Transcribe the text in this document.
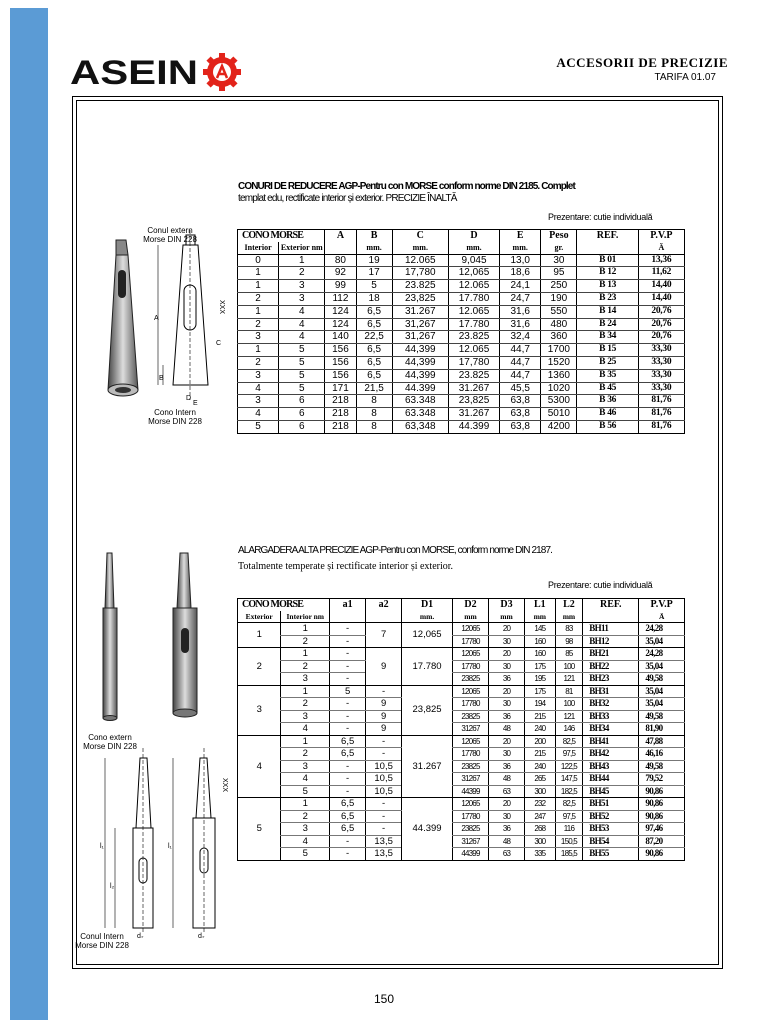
ASEIN	ACCESORII DE PRECIZIE
TARIFA 01.07
CONURI DE REDUCERE AGP-Pentru con MORSE conform norme DIN 2185. Complet
templat edu, rectificate interior și exterior. PRECIZIE ÎNALTĂ
Prezentare: cutie individuală
A
B
C
D
E
XXX
Conul extern
Morse DIN 228
Cono Intern
Morse DIN 228
CONO MORSE		A	B	C	D	E	Peso	REF.	P.V.P
Interior	Exterior nm		mm.	mm.	mm.	mm.	gr.		Ä
0	1	80	19	12.065	9,045	13,0	30	B 01	13,36
1	2	92	17	17,780	12,065	18,6	95	B 12	11,62
1	3	99	5	23.825	12.065	24,1	250	B 13	14,40
2	3	112	18	23,825	17.780	24,7	190	B 23	14,40
1	4	124	6,5	31.267	12.065	31,6	550	B 14	20,76
2	4	124	6,5	31,267	17.780	31,6	480	B 24	20,76
3	4	140	22,5	31,267	23.825	32,4	360	B 34	20,76
1	5	156	6,5	44,399	12.065	44,7	1700	B 15	33,30
2	5	156	6,5	44,399	17,780	44,7	1520	B 25	33,30
3	5	156	6,5	44,399	23.825	44,7	1360	B 35	33,30
4	5	171	21,5	44.399	31.267	45,5	1020	B 45	33,30
3	6	218	8	63.348	23,825	63,8	5300	B 36	81,76
4	6	218	8	63.348	31.267	63,8	5010	B 46	81,76
5	6	218	8	63,348	44.399	63,8	4200	B 56	81,76
ALARGADERA ALTA PRECIZIE AGP-Pentru con MORSE, conform norme DIN 2187.
Totalmente temperate și rectificate interior și exterior.
Prezentare: cutie individuală
l₁
l₂
l₁
XXX
d₂	d₂
Cono extern
Morse DIN 228
Conul Intern
Morse DIN 228
CONO MORSE		a1	a2	D1	D2	D3	L1	L2	REF.	P.V.P
Exterior	Interior nm			mm.	mm	mm	mm	mm		Ä
1	1	-	7	12,065	12065	20	145	83	BH11	24,28
	2	-			17780	30	160	98	BH12	35,04
2	1	-	9	17.780	12065	20	160	85	BH21	24,28
	2	-			17780	30	175	100	BH22	35,04
	3	-			23825	36	195	121	BH23	49,58
3	1	5	-	23,825	12065	20	175	81	BH31	35,04
	2	-	9		17780	30	194	100	BH32	35,04
	3	-	9		23825	36	215	121	BH33	49,58
	4	-	9		31267	48	240	146	BH34	81,90
4	1	6,5	-	31.267	12065	20	200	82,5	BH41	47,88
	2	6,5	-		17780	30	215	97,5	BH42	46,16
	3	-	10,5		23825	36	240	122,5	BH43	49,58
	4	-	10,5		31267	48	265	147,5	BH44	79,52
	5	-	10,5		44399	63	300	182,5	BH45	90,86
5	1	6,5	-	44.399	12065	20	232	82,5	BH51	90,86
	2	6,5	-		17780	30	247	97,5	BH52	90,86
	3	6,5	-		23825	36	268	116	BH53	97,46
	4	-	13,5		31267	48	300	150,5	BH54	87,20
	5	-	13,5		44399	63	335	185,5	BH55	90,86
150
